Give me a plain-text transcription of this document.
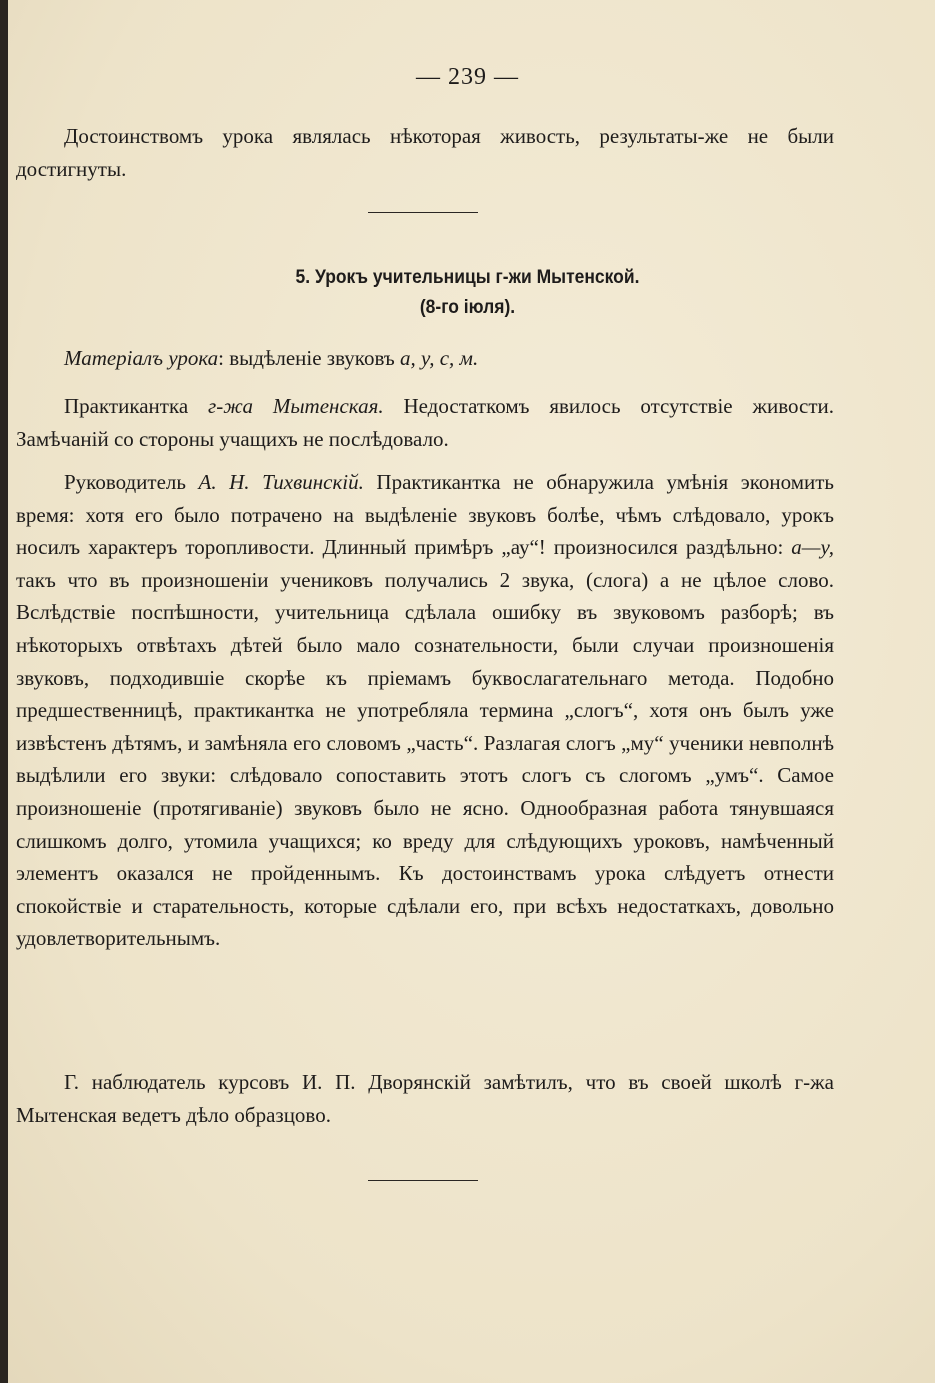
— 239 —

Достоинствомъ урока являлась нѣкоторая живость, результаты-же не были достигнуты.

5. Урокъ учительницы г-жи Мытенской.
(8-го іюля).

Матеріалъ урока: выдѣленіе звуковъ а, у, с, м.

Практикантка г-жа Мытенская. Недостаткомъ явилось отсутствіе живости. Замѣчаній со стороны учащихъ не послѣдовало.

Руководитель А. Н. Тихвинскій. Практикантка не обнаружила умѣнія экономить время: хотя его было потрачено на выдѣленіе звуковъ болѣе, чѣмъ слѣдовало, урокъ носилъ характеръ торопливости. Длинный примѣръ „ау“! произносился раздѣльно: а—у, такъ что въ произношеніи учениковъ получались 2 звука, (слога) а не цѣлое слово. Вслѣдствіе поспѣшности, учительница сдѣлала ошибку въ звуковомъ разборѣ; въ нѣкоторыхъ отвѣтахъ дѣтей было мало сознательности, были случаи произношенія звуковъ, подходившіе скорѣе къ пріемамъ буквослагательнаго метода. Подобно предшественницѣ, практикантка не употребляла термина „слогъ“, хотя онъ былъ уже извѣстенъ дѣтямъ, и замѣняла его словомъ „часть“. Разлагая слогъ „му“ ученики невполнѣ выдѣлили его звуки: слѣдовало сопоставить этотъ слогъ съ слогомъ „умъ“. Самое произношеніе (протягиваніе) звуковъ было не ясно. Однообразная работа тянувшаяся слишкомъ долго, утомила учащихся; ко вреду для слѣдующихъ уроковъ, намѣченный элементъ оказался не пройденнымъ. Къ достоинствамъ урока слѣдуетъ отнести спокойствіе и старательность, которые сдѣлали его, при всѣхъ недостаткахъ, довольно удовлетворительнымъ.

Г. наблюдатель курсовъ И. П. Дворянскій замѣтилъ, что въ своей школѣ г-жа Мытенская ведетъ дѣло образцово.
